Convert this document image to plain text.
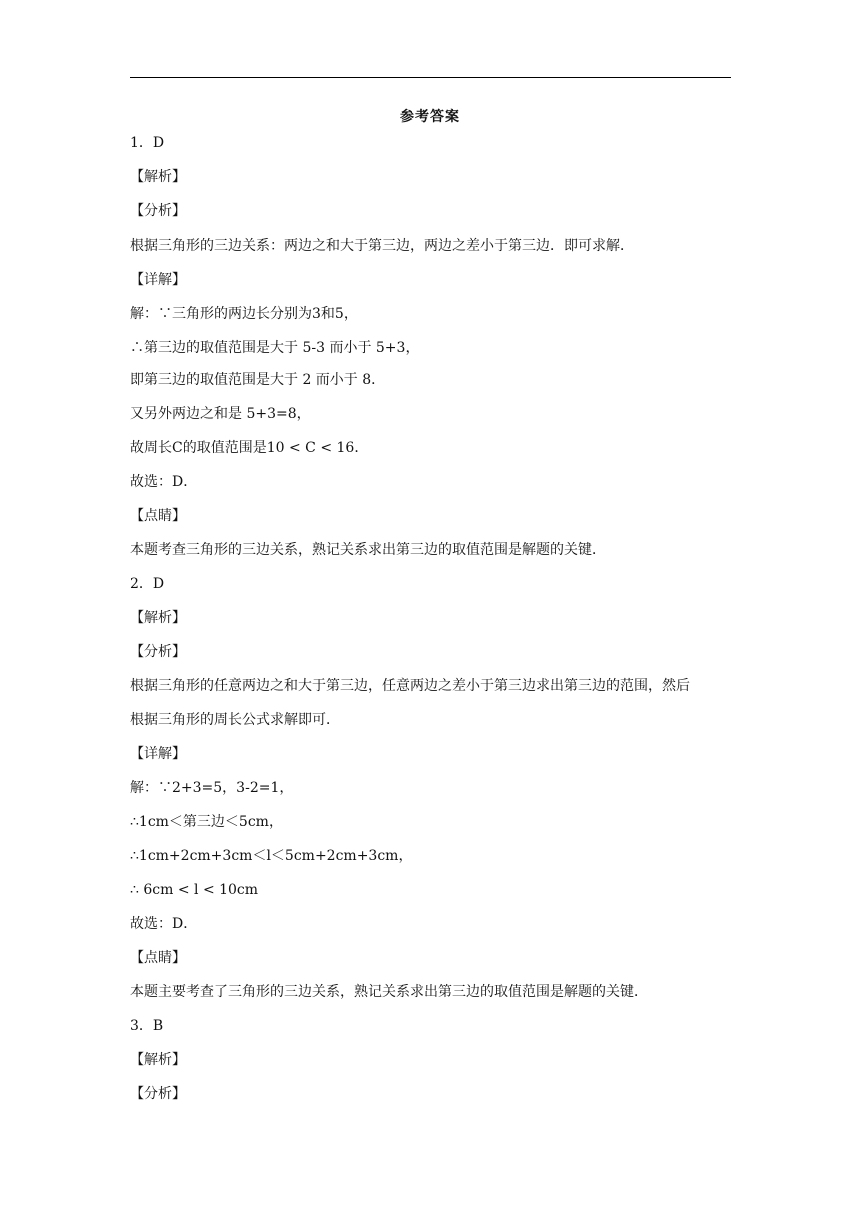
参考答案
1．D
【解析】
【分析】
根据三角形的三边关系：两边之和大于第三边，两边之差小于第三边．即可求解．
【详解】
解：∵三角形的两边长分别为3和5，
∴第三边的取值范围是大于 5-3 而小于 5+3，
即第三边的取值范围是大于 2 而小于 8．
又另外两边之和是 5+3=8，
故周长C的取值范围是10 < C < 16．
故选：D．
【点睛】
本题考查三角形的三边关系，熟记关系求出第三边的取值范围是解题的关键．
2．D
【解析】
【分析】
根据三角形的任意两边之和大于第三边，任意两边之差小于第三边求出第三边的范围，然后
根据三角形的周长公式求解即可．
【详解】
解：∵2+3=5，3-2=1，
∴1cm＜第三边＜5cm，
∴1cm+2cm+3cm＜l＜5cm+2cm+3cm，
∴ 6cm < l < 10cm
故选：D．
【点睛】
本题主要考查了三角形的三边关系，熟记关系求出第三边的取值范围是解题的关键．
3．B
【解析】
【分析】
